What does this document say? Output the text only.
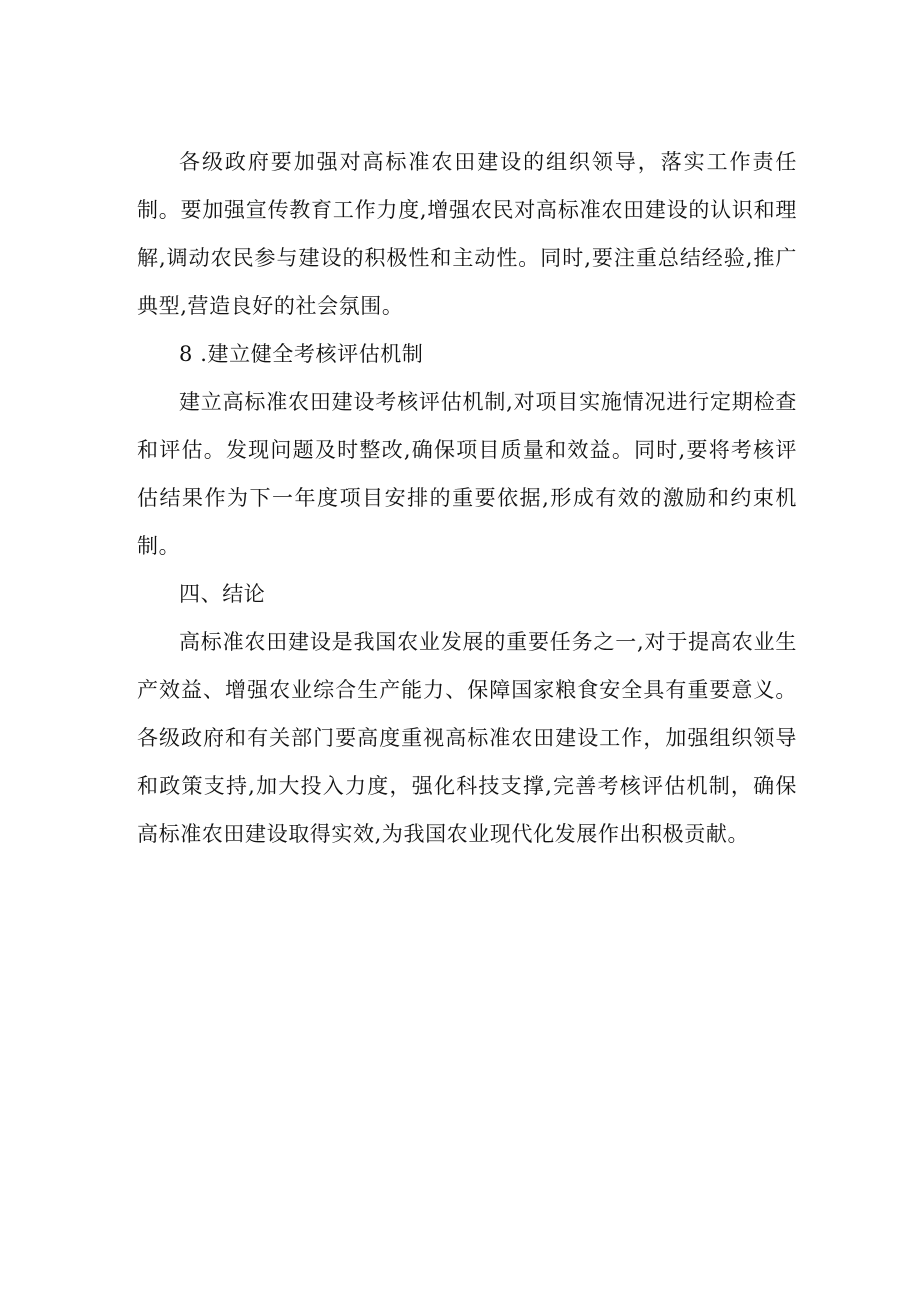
各级政府要加强对高标准农田建设的组织领导，落实工作责任制。要加强宣传教育工作力度,增强农民对高标准农田建设的认识和理解,调动农民参与建设的积极性和主动性。同时,要注重总结经验,推广典型,营造良好的社会氛围。

8 .建立健全考核评估机制

建立高标准农田建设考核评估机制,对项目实施情况进行定期检查和评估。发现问题及时整改,确保项目质量和效益。同时,要将考核评估结果作为下一年度项目安排的重要依据,形成有效的激励和约束机制。

四、结论

高标准农田建设是我国农业发展的重要任务之一,对于提高农业生产效益、增强农业综合生产能力、保障国家粮食安全具有重要意义。各级政府和有关部门要高度重视高标准农田建设工作，加强组织领导和政策支持,加大投入力度，强化科技支撑,完善考核评估机制，确保高标准农田建设取得实效,为我国农业现代化发展作出积极贡献。
